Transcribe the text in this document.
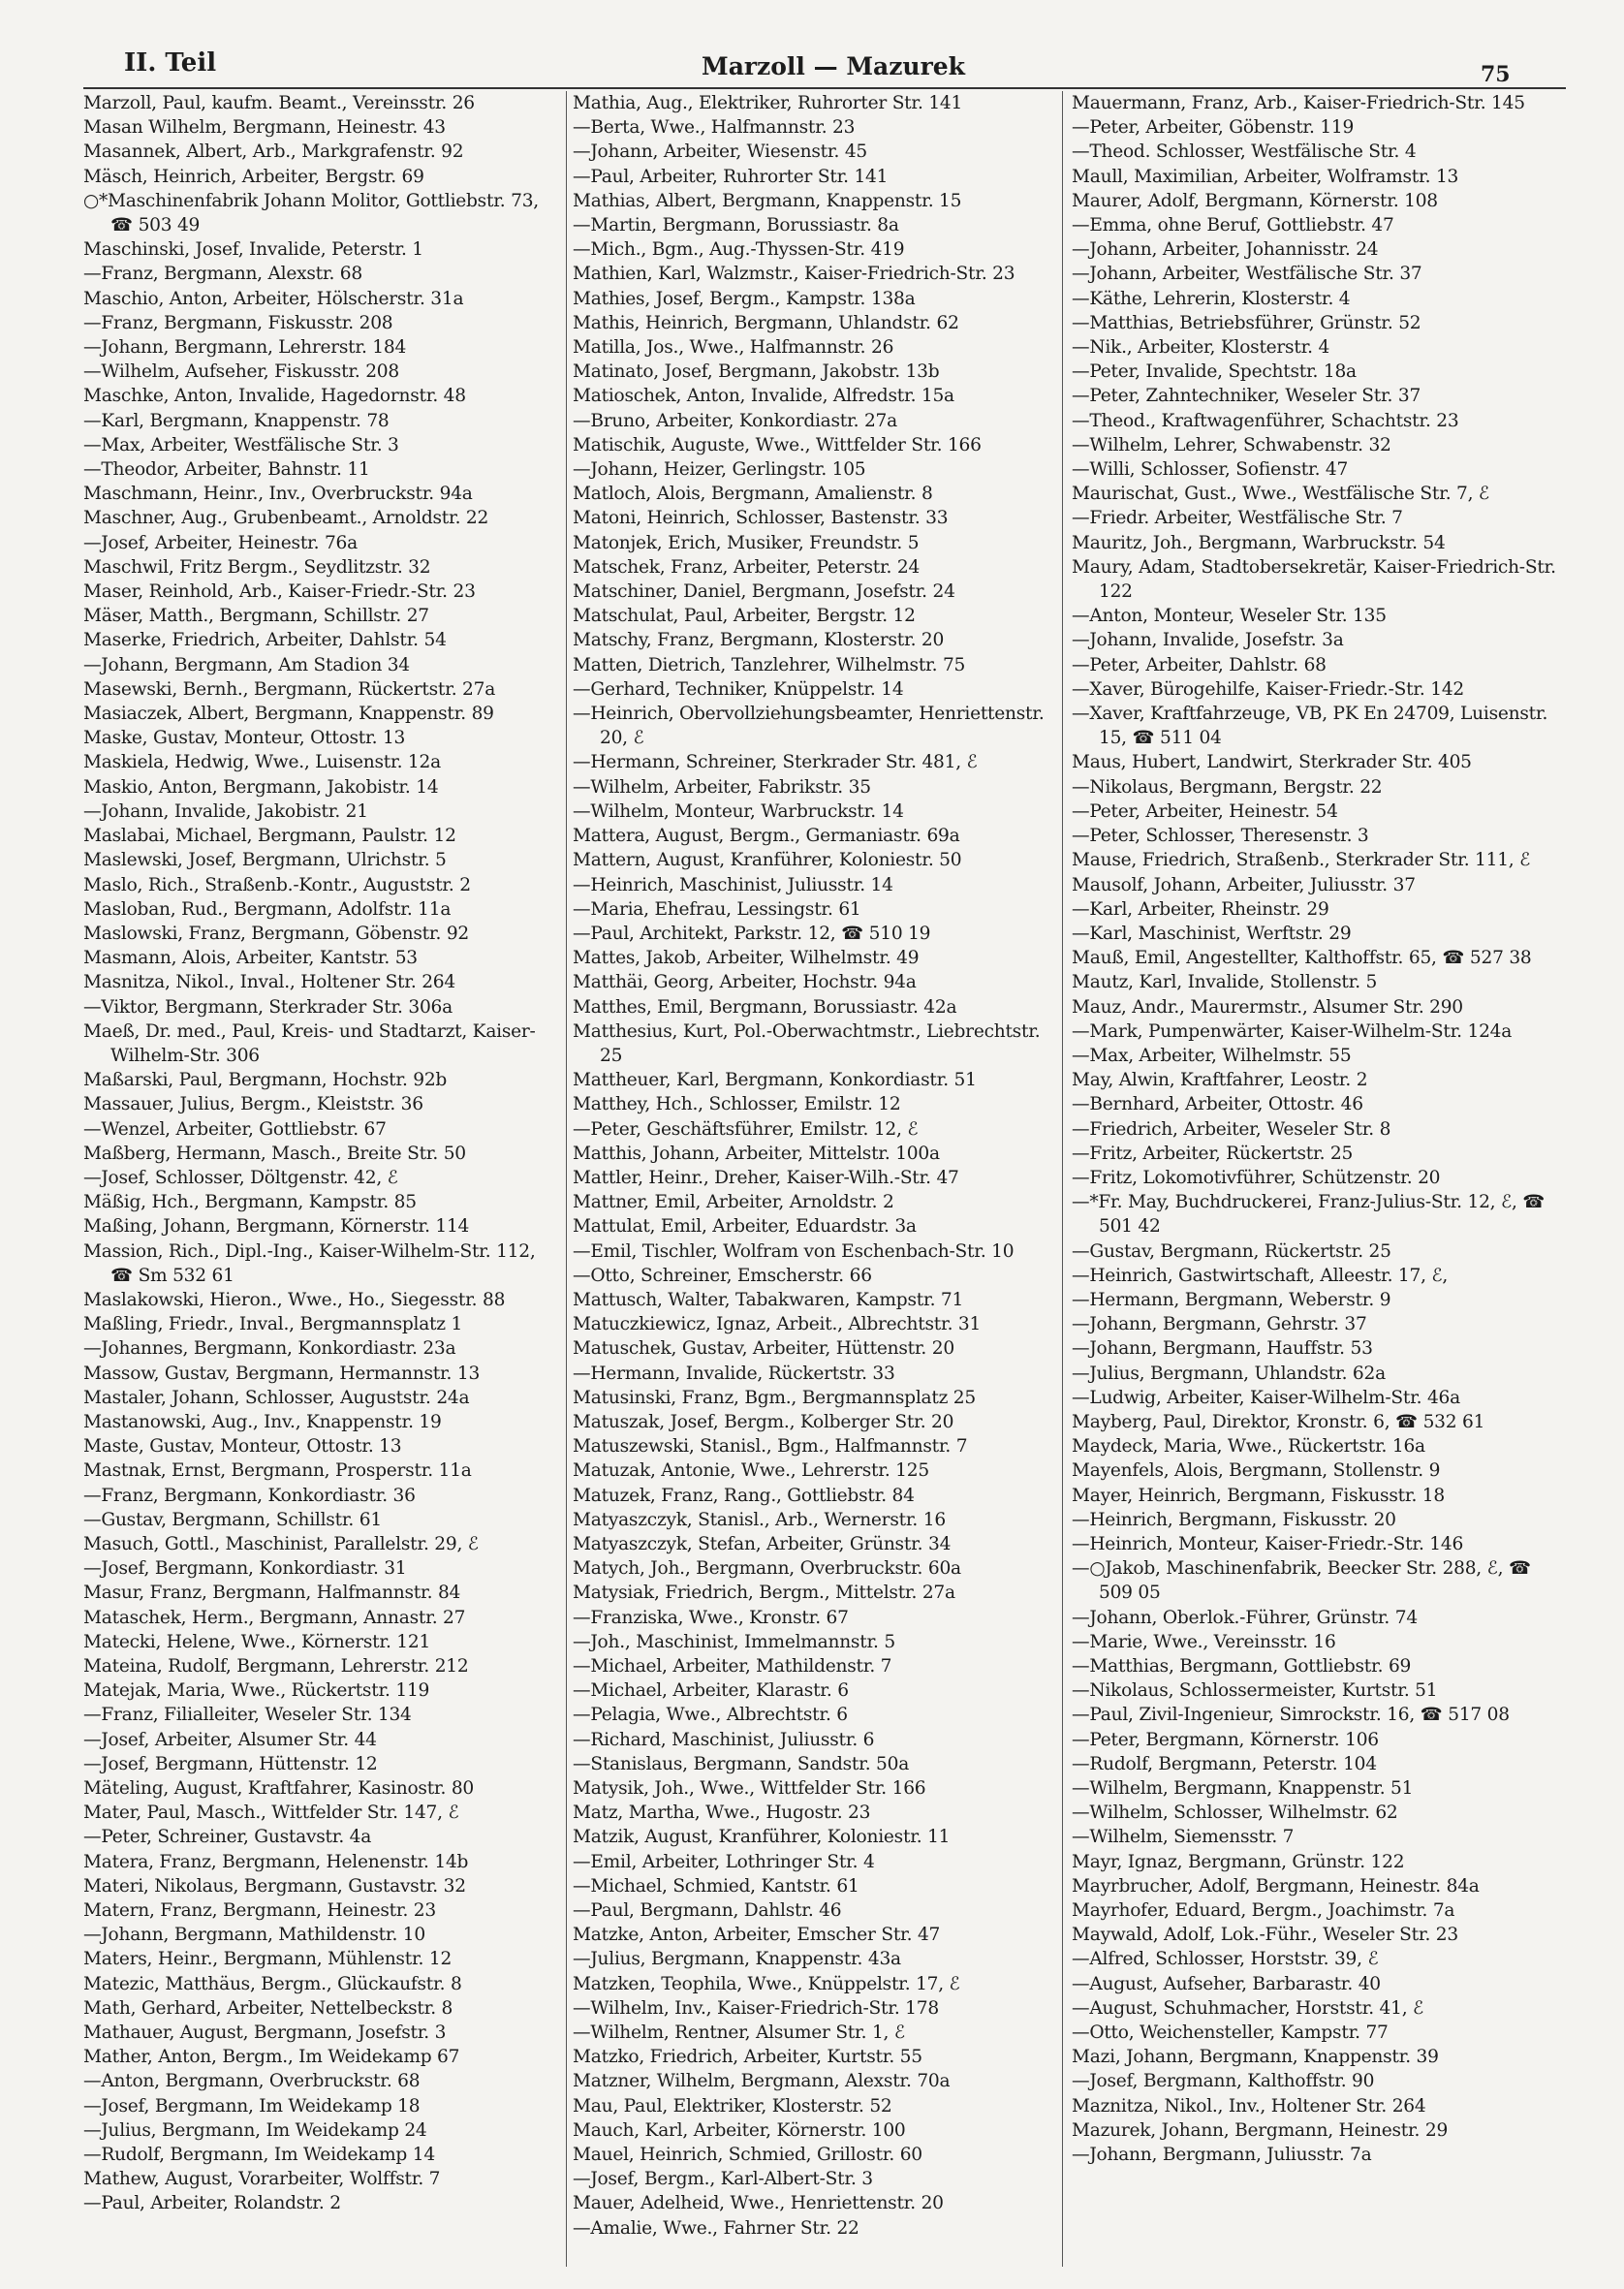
II. Teil	Marzoll — Mazurek	75
Marzoll, Paul, kaufm. Beamt., Vereinsstr. 26
Masan Wilhelm, Bergmann, Heinestr. 43
Masannek, Albert, Arb., Markgrafenstr. 92
Mäsch, Heinrich, Arbeiter, Bergstr. 69
○*Maschinenfabrik Johann Molitor, Gottliebstr. 73, ☎ 503 49
Maschinski, Josef, Invalide, Peterstr. 1
—Franz, Bergmann, Alexstr. 68
Maschio, Anton, Arbeiter, Hölscherstr. 31a
—Franz, Bergmann, Fiskusstr. 208
—Johann, Bergmann, Lehrerstr. 184
—Wilhelm, Aufseher, Fiskusstr. 208
Maschke, Anton, Invalide, Hagedornstr. 48
—Karl, Bergmann, Knappenstr. 78
—Max, Arbeiter, Westfälische Str. 3
—Theodor, Arbeiter, Bahnstr. 11
Maschmann, Heinr., Inv., Overbruckstr. 94a
Maschner, Aug., Grubenbeamt., Arnoldstr. 22
—Josef, Arbeiter, Heinestr. 76a
Maschwil, Fritz Bergm., Seydlitzstr. 32
Maser, Reinhold, Arb., Kaiser-Friedr.-Str. 23
Mäser, Matth., Bergmann, Schillstr. 27
Maserke, Friedrich, Arbeiter, Dahlstr. 54
—Johann, Bergmann, Am Stadion 34
Masewski, Bernh., Bergmann, Rückertstr. 27a
Masiaczek, Albert, Bergmann, Knappenstr. 89
Maske, Gustav, Monteur, Ottostr. 13
Maskiela, Hedwig, Wwe., Luisenstr. 12a
Maskio, Anton, Bergmann, Jakobistr. 14
—Johann, Invalide, Jakobistr. 21
Maslabai, Michael, Bergmann, Paulstr. 12
Maslewski, Josef, Bergmann, Ulrichstr. 5
Maslo, Rich., Straßenb.-Kontr., Auguststr. 2
Masloban, Rud., Bergmann, Adolfstr. 11a
Maslowski, Franz, Bergmann, Göbenstr. 92
Masmann, Alois, Arbeiter, Kantstr. 53
Masnitza, Nikol., Inval., Holtener Str. 264
—Viktor, Bergmann, Sterkrader Str. 306a
Maeß, Dr. med., Paul, Kreis- und Stadtarzt, Kaiser-Wilhelm-Str. 306
Maßarski, Paul, Bergmann, Hochstr. 92b
Massauer, Julius, Bergm., Kleiststr. 36
—Wenzel, Arbeiter, Gottliebstr. 67
Maßberg, Hermann, Masch., Breite Str. 50
—Josef, Schlosser, Döltgenstr. 42, ℰ
Mäßig, Hch., Bergmann, Kampstr. 85
Maßing, Johann, Bergmann, Körnerstr. 114
Massion, Rich., Dipl.-Ing., Kaiser-Wilhelm-Str. 112, ☎ Sm 532 61
Maslakowski, Hieron., Wwe., Ho., Siegesstr. 88
Maßling, Friedr., Inval., Bergmannsplatz 1
—Johannes, Bergmann, Konkordiastr. 23a
Massow, Gustav, Bergmann, Hermannstr. 13
Mastaler, Johann, Schlosser, Auguststr. 24a
Mastanowski, Aug., Inv., Knappenstr. 19
Maste, Gustav, Monteur, Ottostr. 13
Mastnak, Ernst, Bergmann, Prosperstr. 11a
—Franz, Bergmann, Konkordiastr. 36
—Gustav, Bergmann, Schillstr. 61
Masuch, Gottl., Maschinist, Parallelstr. 29, ℰ
—Josef, Bergmann, Konkordiastr. 31
Masur, Franz, Bergmann, Halfmannstr. 84
Mataschek, Herm., Bergmann, Annastr. 27
Matecki, Helene, Wwe., Körnerstr. 121
Mateina, Rudolf, Bergmann, Lehrerstr. 212
Matejak, Maria, Wwe., Rückertstr. 119
—Franz, Filialleiter, Weseler Str. 134
—Josef, Arbeiter, Alsumer Str. 44
—Josef, Bergmann, Hüttenstr. 12
Mäteling, August, Kraftfahrer, Kasinostr. 80
Mater, Paul, Masch., Wittfelder Str. 147, ℰ
—Peter, Schreiner, Gustavstr. 4a
Matera, Franz, Bergmann, Helenenstr. 14b
Materi, Nikolaus, Bergmann, Gustavstr. 32
Matern, Franz, Bergmann, Heinestr. 23
—Johann, Bergmann, Mathildenstr. 10
Maters, Heinr., Bergmann, Mühlenstr. 12
Matezic, Matthäus, Bergm., Glückaufstr. 8
Math, Gerhard, Arbeiter, Nettelbeckstr. 8
Mathauer, August, Bergmann, Josefstr. 3
Mather, Anton, Bergm., Im Weidekamp 67
—Anton, Bergmann, Overbruckstr. 68
—Josef, Bergmann, Im Weidekamp 18
—Julius, Bergmann, Im Weidekamp 24
—Rudolf, Bergmann, Im Weidekamp 14
Mathew, August, Vorarbeiter, Wolffstr. 7
—Paul, Arbeiter, Rolandstr. 2
Mathia, Aug., Elektriker, Ruhrorter Str. 141
—Berta, Wwe., Halfmannstr. 23
—Johann, Arbeiter, Wiesenstr. 45
—Paul, Arbeiter, Ruhrorter Str. 141
Mathias, Albert, Bergmann, Knappenstr. 15
—Martin, Bergmann, Borussiastr. 8a
—Mich., Bgm., Aug.-Thyssen-Str. 419
Mathien, Karl, Walzmstr., Kaiser-Friedrich-Str. 23
Mathies, Josef, Bergm., Kampstr. 138a
Mathis, Heinrich, Bergmann, Uhlandstr. 62
Matilla, Jos., Wwe., Halfmannstr. 26
Matinato, Josef, Bergmann, Jakobstr. 13b
Matioschek, Anton, Invalide, Alfredstr. 15a
—Bruno, Arbeiter, Konkordiastr. 27a
Matischik, Auguste, Wwe., Wittfelder Str. 166
—Johann, Heizer, Gerlingstr. 105
Matloch, Alois, Bergmann, Amalienstr. 8
Matoni, Heinrich, Schlosser, Bastenstr. 33
Matonjek, Erich, Musiker, Freundstr. 5
Matschek, Franz, Arbeiter, Peterstr. 24
Matschiner, Daniel, Bergmann, Josefstr. 24
Matschulat, Paul, Arbeiter, Bergstr. 12
Matschy, Franz, Bergmann, Klosterstr. 20
Matten, Dietrich, Tanzlehrer, Wilhelmstr. 75
—Gerhard, Techniker, Knüppelstr. 14
—Heinrich, Obervollziehungsbeamter, Henriettenstr. 20, ℰ
—Hermann, Schreiner, Sterkrader Str. 481, ℰ
—Wilhelm, Arbeiter, Fabrikstr. 35
—Wilhelm, Monteur, Warbruckstr. 14
Mattera, August, Bergm., Germaniastr. 69a
Mattern, August, Kranführer, Koloniestr. 50
—Heinrich, Maschinist, Juliusstr. 14
—Maria, Ehefrau, Lessingstr. 61
—Paul, Architekt, Parkstr. 12, ☎ 510 19
Mattes, Jakob, Arbeiter, Wilhelmstr. 49
Matthäi, Georg, Arbeiter, Hochstr. 94a
Matthes, Emil, Bergmann, Borussiastr. 42a
Matthesius, Kurt, Pol.-Oberwachtmstr., Liebrechtstr. 25
Mattheuer, Karl, Bergmann, Konkordiastr. 51
Matthey, Hch., Schlosser, Emilstr. 12
—Peter, Geschäftsführer, Emilstr. 12, ℰ
Matthis, Johann, Arbeiter, Mittelstr. 100a
Mattler, Heinr., Dreher, Kaiser-Wilh.-Str. 47
Mattner, Emil, Arbeiter, Arnoldstr. 2
Mattulat, Emil, Arbeiter, Eduardstr. 3a
—Emil, Tischler, Wolfram von Eschenbach-Str. 10
—Otto, Schreiner, Emscherstr. 66
Mattusch, Walter, Tabakwaren, Kampstr. 71
Matuczkiewicz, Ignaz, Arbeit., Albrechtstr. 31
Matuschek, Gustav, Arbeiter, Hüttenstr. 20
—Hermann, Invalide, Rückertstr. 33
Matusinski, Franz, Bgm., Bergmannsplatz 25
Matuszak, Josef, Bergm., Kolberger Str. 20
Matuszewski, Stanisl., Bgm., Halfmannstr. 7
Matuzak, Antonie, Wwe., Lehrerstr. 125
Matuzek, Franz, Rang., Gottliebstr. 84
Matyaszczyk, Stanisl., Arb., Wernerstr. 16
Matyaszczyk, Stefan, Arbeiter, Grünstr. 34
Matych, Joh., Bergmann, Overbruckstr. 60a
Matysiak, Friedrich, Bergm., Mittelstr. 27a
—Franziska, Wwe., Kronstr. 67
—Joh., Maschinist, Immelmannstr. 5
—Michael, Arbeiter, Mathildenstr. 7
—Michael, Arbeiter, Klarastr. 6
—Pelagia, Wwe., Albrechtstr. 6
—Richard, Maschinist, Juliusstr. 6
—Stanislaus, Bergmann, Sandstr. 50a
Matysik, Joh., Wwe., Wittfelder Str. 166
Matz, Martha, Wwe., Hugostr. 23
Matzik, August, Kranführer, Koloniestr. 11
—Emil, Arbeiter, Lothringer Str. 4
—Michael, Schmied, Kantstr. 61
—Paul, Bergmann, Dahlstr. 46
Matzke, Anton, Arbeiter, Emscher Str. 47
—Julius, Bergmann, Knappenstr. 43a
Matzken, Teophila, Wwe., Knüppelstr. 17, ℰ
—Wilhelm, Inv., Kaiser-Friedrich-Str. 178
—Wilhelm, Rentner, Alsumer Str. 1, ℰ
Matzko, Friedrich, Arbeiter, Kurtstr. 55
Matzner, Wilhelm, Bergmann, Alexstr. 70a
Mau, Paul, Elektriker, Klosterstr. 52
Mauch, Karl, Arbeiter, Körnerstr. 100
Mauel, Heinrich, Schmied, Grillostr. 60
—Josef, Bergm., Karl-Albert-Str. 3
Mauer, Adelheid, Wwe., Henriettenstr. 20
—Amalie, Wwe., Fahrner Str. 22
Mauermann, Franz, Arb., Kaiser-Friedrich-Str. 145
—Peter, Arbeiter, Göbenstr. 119
—Theod. Schlosser, Westfälische Str. 4
Maull, Maximilian, Arbeiter, Wolframstr. 13
Maurer, Adolf, Bergmann, Körnerstr. 108
—Emma, ohne Beruf, Gottliebstr. 47
—Johann, Arbeiter, Johannisstr. 24
—Johann, Arbeiter, Westfälische Str. 37
—Käthe, Lehrerin, Klosterstr. 4
—Matthias, Betriebsführer, Grünstr. 52
—Nik., Arbeiter, Klosterstr. 4
—Peter, Invalide, Spechtstr. 18a
—Peter, Zahntechniker, Weseler Str. 37
—Theod., Kraftwagenführer, Schachtstr. 23
—Wilhelm, Lehrer, Schwabenstr. 32
—Willi, Schlosser, Sofienstr. 47
Maurischat, Gust., Wwe., Westfälische Str. 7, ℰ
—Friedr. Arbeiter, Westfälische Str. 7
Mauritz, Joh., Bergmann, Warbruckstr. 54
Maury, Adam, Stadtobersekretär, Kaiser-Friedrich-Str. 122
—Anton, Monteur, Weseler Str. 135
—Johann, Invalide, Josefstr. 3a
—Peter, Arbeiter, Dahlstr. 68
—Xaver, Bürogehilfe, Kaiser-Friedr.-Str. 142
—Xaver, Kraftfahrzeuge, VB, PK En 24709, Luisenstr. 15, ☎ 511 04
Maus, Hubert, Landwirt, Sterkrader Str. 405
—Nikolaus, Bergmann, Bergstr. 22
—Peter, Arbeiter, Heinestr. 54
—Peter, Schlosser, Theresenstr. 3
Mause, Friedrich, Straßenb., Sterkrader Str. 111, ℰ
Mausolf, Johann, Arbeiter, Juliusstr. 37
—Karl, Arbeiter, Rheinstr. 29
—Karl, Maschinist, Werftstr. 29
Mauß, Emil, Angestellter, Kalthoffstr. 65, ☎ 527 38
Mautz, Karl, Invalide, Stollenstr. 5
Mauz, Andr., Maurermstr., Alsumer Str. 290
—Mark, Pumpenwärter, Kaiser-Wilhelm-Str. 124a
—Max, Arbeiter, Wilhelmstr. 55
May, Alwin, Kraftfahrer, Leostr. 2
—Bernhard, Arbeiter, Ottostr. 46
—Friedrich, Arbeiter, Weseler Str. 8
—Fritz, Arbeiter, Rückertstr. 25
—Fritz, Lokomotivführer, Schützenstr. 20
—*Fr. May, Buchdruckerei, Franz-Julius-Str. 12, ℰ, ☎ 501 42
—Gustav, Bergmann, Rückertstr. 25
—Heinrich, Gastwirtschaft, Alleestr. 17, ℰ,
—Hermann, Bergmann, Weberstr. 9
—Johann, Bergmann, Gehrstr. 37
—Johann, Bergmann, Hauffstr. 53
—Julius, Bergmann, Uhlandstr. 62a
—Ludwig, Arbeiter, Kaiser-Wilhelm-Str. 46a
Mayberg, Paul, Direktor, Kronstr. 6, ☎ 532 61
Maydeck, Maria, Wwe., Rückertstr. 16a
Mayenfels, Alois, Bergmann, Stollenstr. 9
Mayer, Heinrich, Bergmann, Fiskusstr. 18
—Heinrich, Bergmann, Fiskusstr. 20
—Heinrich, Monteur, Kaiser-Friedr.-Str. 146
—○Jakob, Maschinenfabrik, Beecker Str. 288, ℰ, ☎ 509 05
—Johann, Oberlok.-Führer, Grünstr. 74
—Marie, Wwe., Vereinsstr. 16
—Matthias, Bergmann, Gottliebstr. 69
—Nikolaus, Schlossermeister, Kurtstr. 51
—Paul, Zivil-Ingenieur, Simrockstr. 16, ☎ 517 08
—Peter, Bergmann, Körnerstr. 106
—Rudolf, Bergmann, Peterstr. 104
—Wilhelm, Bergmann, Knappenstr. 51
—Wilhelm, Schlosser, Wilhelmstr. 62
—Wilhelm, Siemensstr. 7
Mayr, Ignaz, Bergmann, Grünstr. 122
Mayrbrucher, Adolf, Bergmann, Heinestr. 84a
Mayrhofer, Eduard, Bergm., Joachimstr. 7a
Maywald, Adolf, Lok.-Führ., Weseler Str. 23
—Alfred, Schlosser, Horststr. 39, ℰ
—August, Aufseher, Barbarastr. 40
—August, Schuhmacher, Horststr. 41, ℰ
—Otto, Weichensteller, Kampstr. 77
Mazi, Johann, Bergmann, Knappenstr. 39
—Josef, Bergmann, Kalthoffstr. 90
Maznitza, Nikol., Inv., Holtener Str. 264
Mazurek, Johann, Bergmann, Heinestr. 29
—Johann, Bergmann, Juliusstr. 7a
